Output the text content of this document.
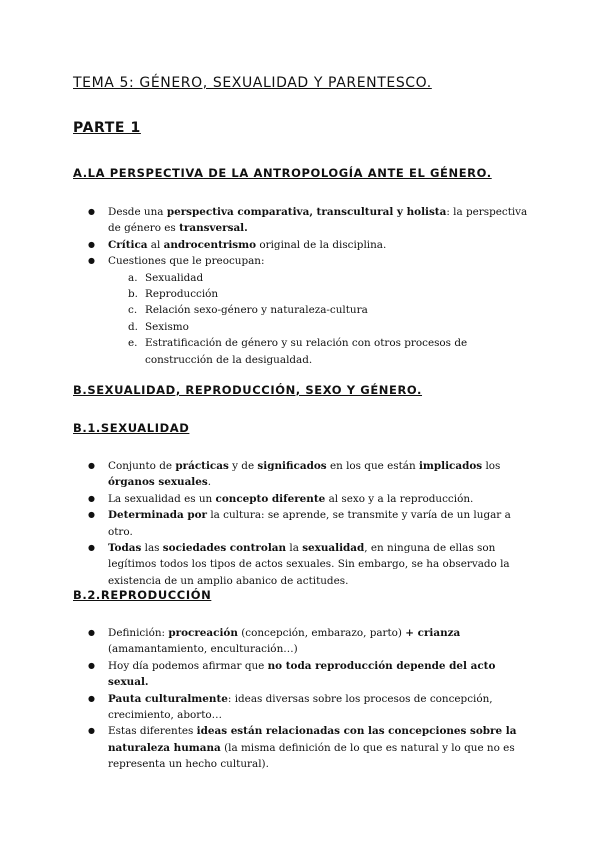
TEMA 5: GÉNERO, SEXUALIDAD Y PARENTESCO.
PARTE 1
A.LA PERSPECTIVA DE LA ANTROPOLOGÍA ANTE EL GÉNERO.
● Desde una perspectiva comparativa, transcultural y holista: la perspectiva de género es transversal.
● Crítica al androcentrismo original de la disciplina.
● Cuestiones que le preocupan:
a. Sexualidad
b. Reproducción
c. Relación sexo-género y naturaleza-cultura
d. Sexismo
e. Estratificación de género y su relación con otros procesos de construcción de la desigualdad.
B.SEXUALIDAD, REPRODUCCIÓN, SEXO Y GÉNERO.
B.1.SEXUALIDAD
● Conjunto de prácticas y de significados en los que están implicados los órganos sexuales.
● La sexualidad es un concepto diferente al sexo y a la reproducción.
● Determinada por la cultura: se aprende, se transmite y varía de un lugar a otro.
● Todas las sociedades controlan la sexualidad, en ninguna de ellas son legítimos todos los tipos de actos sexuales. Sin embargo, se ha observado la existencia de un amplio abanico de actitudes.
B.2.REPRODUCCIÓN
● Definición: procreación (concepción, embarazo, parto) + crianza (amamantamiento, enculturación…)
● Hoy día podemos afirmar que no toda reproducción depende del acto sexual.
● Pauta culturalmente: ideas diversas sobre los procesos de concepción, crecimiento, aborto…
● Estas diferentes ideas están relacionadas con las concepciones sobre la naturaleza humana (la misma definición de lo que es natural y lo que no es representa un hecho cultural).
